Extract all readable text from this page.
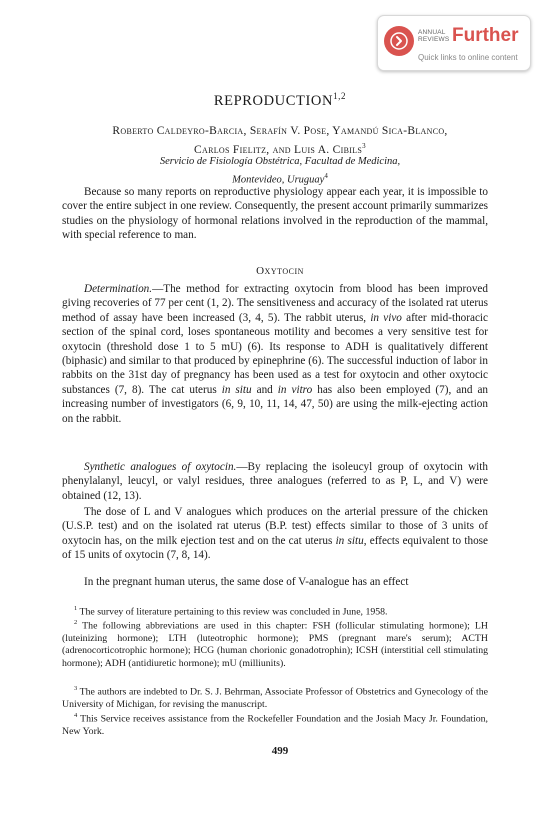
ANNUAL REVIEWS Further
Quick links to online content
REPRODUCTION$^{1,2}$
Roberto Caldeyro-Barcia, Serafín V. Pose, Yamandú Sica-Blanco,
Carlos Fielitz, and Luis A. Cibils$^3$
Servicio de Fisiología Obstétrica, Facultad de Medicina,
Montevideo, Uruguay$^4$

Because so many reports on reproductive physiology appear each year, it is impossible to cover the entire subject in one review. Consequently, the present account primarily summarizes studies on the physiology of hormonal relations involved in the reproduction of the mammal, with special reference to man.

Oxytocin

Determination.—The method for extracting oxytocin from blood has been improved giving recoveries of 77 per cent (1, 2). The sensitiveness and accuracy of the isolated rat uterus method of assay have been increased (3, 4, 5). The rabbit uterus, in vivo after mid-thoracic section of the spinal cord, loses spontaneous motility and becomes a very sensitive test for oxytocin (threshold dose 1 to 5 mU) (6). Its response to ADH is qualitatively different (biphasic) and similar to that produced by epinephrine (6). The successful induction of labor in rabbits on the 31st day of pregnancy has been used as a test for oxytocin and other oxytocic substances (7, 8). The cat uterus in situ and in vitro has also been employed (7), and an increasing number of investigators (6, 9, 10, 11, 14, 47, 50) are using the milk-ejecting action on the rabbit.

Synthetic analogues of oxytocin.—By replacing the isoleucyl group of oxytocin with phenylalanyl, leucyl, or valyl residues, three analogues (referred to as P, L, and V) were obtained (12, 13).

The dose of L and V analogues which produces on the arterial pressure of the chicken (U.S.P. test) and on the isolated rat uterus (B.P. test) effects similar to those of 3 units of oxytocin has, on the milk ejection test and on the cat uterus in situ, effects equivalent to those of 15 units of oxytocin (7, 8, 14).

In the pregnant human uterus, the same dose of V-analogue has an effect

$^1$ The survey of literature pertaining to this review was concluded in June, 1958.

$^2$ The following abbreviations are used in this chapter: FSH (follicular stimulating hormone); LH (luteinizing hormone); LTH (luteotrophic hormone); PMS (pregnant mare's serum); ACTH (adrenocorticotrophic hormone); HCG (human chorionic gonadotrophin); ICSH (interstitial cell stimulating hormone); ADH (antidiuretic hormone); mU (milliunits).

$^3$ The authors are indebted to Dr. S. J. Behrman, Associate Professor of Obstetrics and Gynecology of the University of Michigan, for revising the manuscript.

$^4$ This Service receives assistance from the Rockefeller Foundation and the Josiah Macy Jr. Foundation, New York.

499
